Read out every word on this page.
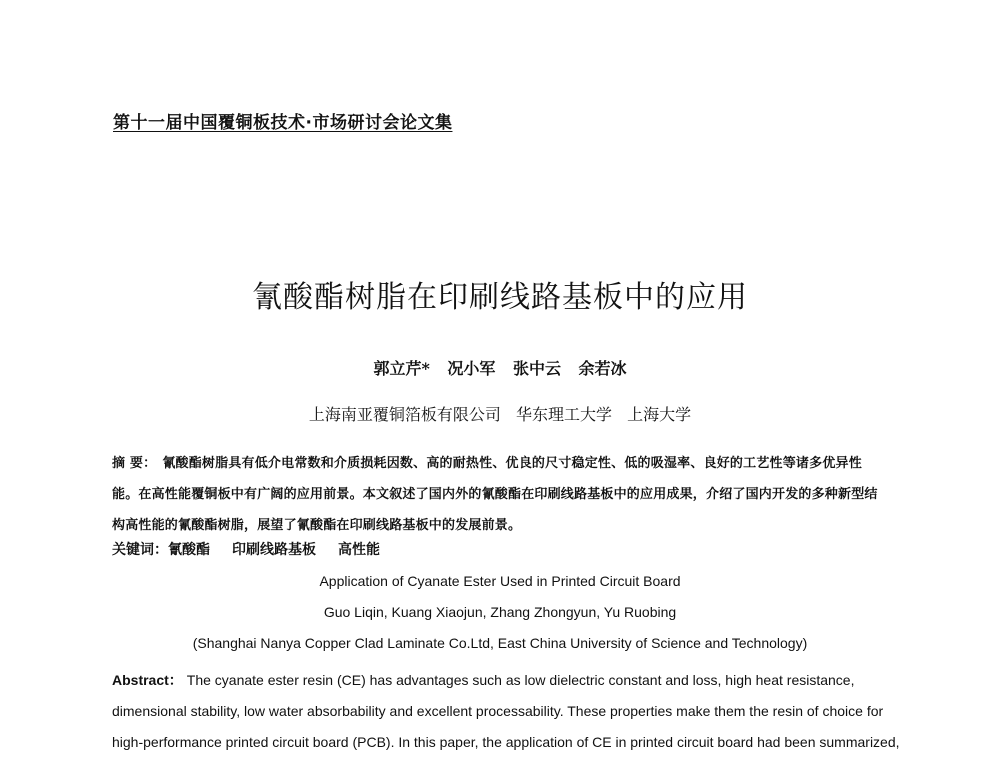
第十一届中国覆铜板技术·市场研讨会论文集
氰酸酯树脂在印刷线路基板中的应用
郭立芹* 况小军 张中云 余若冰
上海南亚覆铜箔板有限公司 华东理工大学 上海大学
摘 要： 氰酸酯树脂具有低介电常数和介质损耗因数、高的耐热性、优良的尺寸稳定性、低的吸湿率、良好的工艺性等诸多优异性能。在高性能覆铜板中有广阔的应用前景。本文叙述了国内外的氰酸酯在印刷线路基板中的应用成果，介绍了国内开发的多种新型结构高性能的氰酸酯树脂，展望了氰酸酯在印刷线路基板中的发展前景。
关键词：氰酸酯 印刷线路基板 高性能
Application of Cyanate Ester Used in Printed Circuit Board
Guo Liqin, Kuang Xiaojun, Zhang Zhongyun, Yu Ruobing
(Shanghai Nanya Copper Clad Laminate Co.Ltd, East China University of Science and Technology)
Abstract： The cyanate ester resin (CE) has advantages such as low dielectric constant and loss, high heat resistance, dimensional stability, low water absorbability and excellent processability. These properties make them the resin of choice for high-performance printed circuit board (PCB). In this paper, the application of CE in printed circuit board had been summarized,
